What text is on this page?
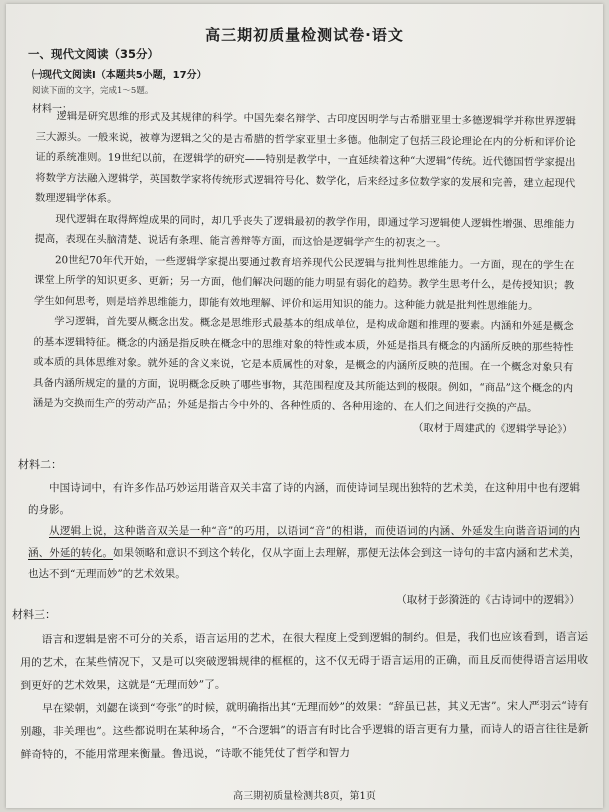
高三期初质量检测试卷·语文
一、现代文阅读（35分）
㈠现代文阅读Ⅰ（本题共5小题，17分）
阅读下面的文字，完成1～5题。
材料一：

逻辑是研究思维的形式及其规律的科学。中国先秦名辩学、古印度因明学与古希腊亚里士多德逻辑学并称世界逻辑三大源头。一般来说，被尊为逻辑之父的是古希腊的哲学家亚里士多德。他制定了包括三段论理论在内的分析和评价论证的系统准则。19世纪以前，在逻辑学的研究——特别是教学中，一直延续着这种“大逻辑”传统。近代德国哲学家提出将数学方法融入逻辑学，英国数学家将传统形式逻辑符号化、数学化，后来经过多位数学家的发展和完善，建立起现代数理逻辑学体系。

现代逻辑在取得辉煌成果的同时，却几乎丧失了逻辑最初的教学作用，即通过学习逻辑使人逻辑性增强、思维能力提高，表现在头脑清楚、说话有条理、能言善辩等方面，而这恰是逻辑学产生的初衷之一。

20世纪70年代开始，一些逻辑学家提出要通过教育培养现代公民逻辑与批判性思维能力。一方面，现在的学生在课堂上所学的知识更多、更新；另一方面，他们解决问题的能力明显有弱化的趋势。教学生思考什么，是传授知识；教学生如何思考，则是培养思维能力，即能有效地理解、评价和运用知识的能力。这种能力就是批判性思维能力。

学习逻辑，首先要从概念出发。概念是思维形式最基本的组成单位，是构成命题和推理的要素。内涵和外延是概念的基本逻辑特征。概念的内涵是指反映在概念中的思维对象的特性或本质，外延是指具有概念的内涵所反映的那些特性或本质的具体思维对象。就外延的含义来说，它是本质属性的对象，是概念的内涵所反映的范围。在一个概念对象只有具备内涵所规定的量的方面，说明概念反映了哪些事物，其范围程度及其所能达到的极限。例如，“商品”这个概念的内涵是为交换而生产的劳动产品；外延是指古今中外的、各种性质的、各种用途的、在人们之间进行交换的产品。

（取材于周建武的《逻辑学导论》）
材料二：

中国诗词中，有许多作品巧妙运用谐音双关丰富了诗的内涵，而使诗词呈现出独特的艺术美，在这种用中也有逻辑的身影。

从逻辑上说，这种谐音双关是一种“音”的巧用，以语词“音”的相谐，而使语词的内涵、外延发生向谐音语词的内涵、外延的转化。如果领略和意识不到这个转化，仅从字面上去理解，那便无法体会到这一诗句的丰富内涵和艺术美，也达不到“无理而妙”的艺术效果。

（取材于彭漪涟的《古诗词中的逻辑》）
材料三：

语言和逻辑是密不可分的关系，语言运用的艺术，在很大程度上受到逻辑的制约。但是，我们也应该看到，语言运用的艺术，在某些情况下，又是可以突破逻辑规律的框框的，这不仅无碍于语言运用的正确，而且反而使得语言运用收到更好的艺术效果，这就是“无理而妙”了。

早在梁朝，刘勰在谈到“夸张”的时候，就明确指出其“无理而妙”的效果：“辞虽已甚，其义无害”。宋人严羽云“诗有别趣，非关理也”。这些都说明在某种场合，“不合逻辑”的语言有时比合乎逻辑的语言更有力量，而诗人的语言往往是新鲜奇特的，不能用常理来衡量。鲁迅说，“诗歌不能凭仗了哲学和智力

高三期初质量检测共8页，第1页
